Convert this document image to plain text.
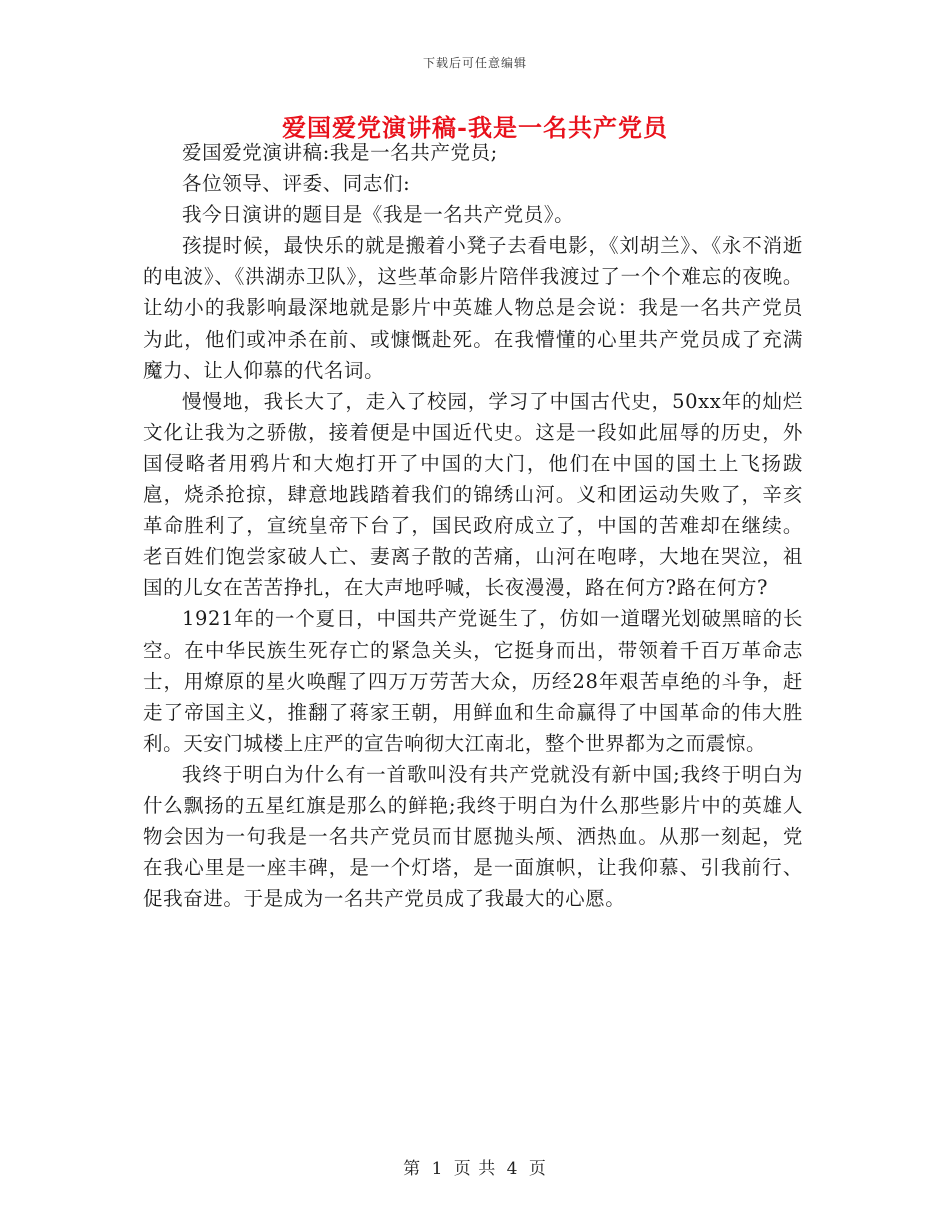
下载后可任意编辑
爱国爱党演讲稿-我是一名共产党员

爱国爱党演讲稿:我是一名共产党员;

各位领导、评委、同志们:

我今日演讲的题目是《我是一名共产党员》。

孩提时候，最快乐的就是搬着小凳子去看电影，《刘胡兰》、《永不消逝的电波》、《洪湖赤卫队》，这些革命影片陪伴我渡过了一个个难忘的夜晚。让幼小的我影响最深地就是影片中英雄人物总是会说：我是一名共产党员为此，他们或冲杀在前、或慷慨赴死。在我懵懂的心里共产党员成了充满魔力、让人仰慕的代名词。

慢慢地，我长大了，走入了校园，学习了中国古代史，50xx年的灿烂文化让我为之骄傲，接着便是中国近代史。这是一段如此屈辱的历史，外国侵略者用鸦片和大炮打开了中国的大门，他们在中国的国土上飞扬跋扈，烧杀抢掠，肆意地践踏着我们的锦绣山河。义和团运动失败了，辛亥革命胜利了，宣统皇帝下台了，国民政府成立了，中国的苦难却在继续。老百姓们饱尝家破人亡、妻离子散的苦痛，山河在咆哮，大地在哭泣，祖国的儿女在苦苦挣扎，在大声地呼喊，长夜漫漫，路在何方?路在何方?

1921年的一个夏日，中国共产党诞生了，仿如一道曙光划破黑暗的长空。在中华民族生死存亡的紧急关头，它挺身而出，带领着千百万革命志士，用燎原的星火唤醒了四万万劳苦大众，历经28年艰苦卓绝的斗争，赶走了帝国主义，推翻了蒋家王朝，用鲜血和生命赢得了中国革命的伟大胜利。天安门城楼上庄严的宣告响彻大江南北，整个世界都为之而震惊。

我终于明白为什么有一首歌叫没有共产党就没有新中国;我终于明白为什么飘扬的五星红旗是那么的鲜艳;我终于明白为什么那些影片中的英雄人物会因为一句我是一名共产党员而甘愿抛头颅、洒热血。从那一刻起，党在我心里是一座丰碑，是一个灯塔，是一面旗帜，让我仰慕、引我前行、促我奋进。于是成为一名共产党员成了我最大的心愿。

第 1 页 共 4 页
